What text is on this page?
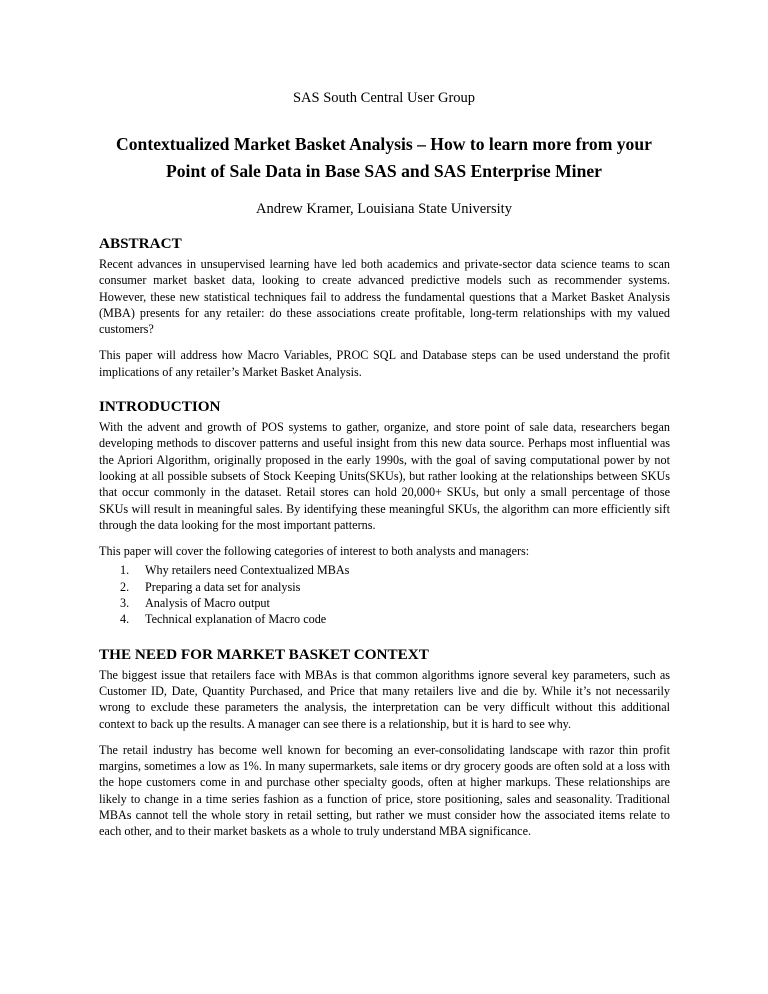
SAS South Central User Group
Contextualized Market Basket Analysis – How to learn more from your
Point of Sale Data in Base SAS and SAS Enterprise Miner
Andrew Kramer, Louisiana State University
ABSTRACT

Recent advances in unsupervised learning have led both academics and private-sector data science teams to scan consumer market basket data, looking to create advanced predictive models such as recommender systems. However, these new statistical techniques fail to address the fundamental questions that a Market Basket Analysis (MBA) presents for any retailer: do these associations create profitable, long-term relationships with my valued customers?

This paper will address how Macro Variables, PROC SQL and Database steps can be used understand the profit implications of any retailer’s Market Basket Analysis.

INTRODUCTION

With the advent and growth of POS systems to gather, organize, and store point of sale data, researchers began developing methods to discover patterns and useful insight from this new data source. Perhaps most influential was the Apriori Algorithm, originally proposed in the early 1990s, with the goal of saving computational power by not looking at all possible subsets of Stock Keeping Units(SKUs), but rather looking at the relationships between SKUs that occur commonly in the dataset. Retail stores can hold 20,000+ SKUs, but only a small percentage of those SKUs will result in meaningful sales. By identifying these meaningful SKUs, the algorithm can more efficiently sift through the data looking for the most important patterns.

This paper will cover the following categories of interest to both analysts and managers:

1. Why retailers need Contextualized MBAs
2. Preparing a data set for analysis
3. Analysis of Macro output
4. Technical explanation of Macro code
THE NEED FOR MARKET BASKET CONTEXT

The biggest issue that retailers face with MBAs is that common algorithms ignore several key parameters, such as Customer ID, Date, Quantity Purchased, and Price that many retailers live and die by. While it’s not necessarily wrong to exclude these parameters the analysis, the interpretation can be very difficult without this additional context to back up the results. A manager can see there is a relationship, but it is hard to see why.

The retail industry has become well known for becoming an ever-consolidating landscape with razor thin profit margins, sometimes a low as 1%. In many supermarkets, sale items or dry grocery goods are often sold at a loss with the hope customers come in and purchase other specialty goods, often at higher markups. These relationships are likely to change in a time series fashion as a function of price, store positioning, sales and seasonality. Traditional MBAs cannot tell the whole story in retail setting, but rather we must consider how the associated items relate to each other, and to their market baskets as a whole to truly understand MBA significance.
